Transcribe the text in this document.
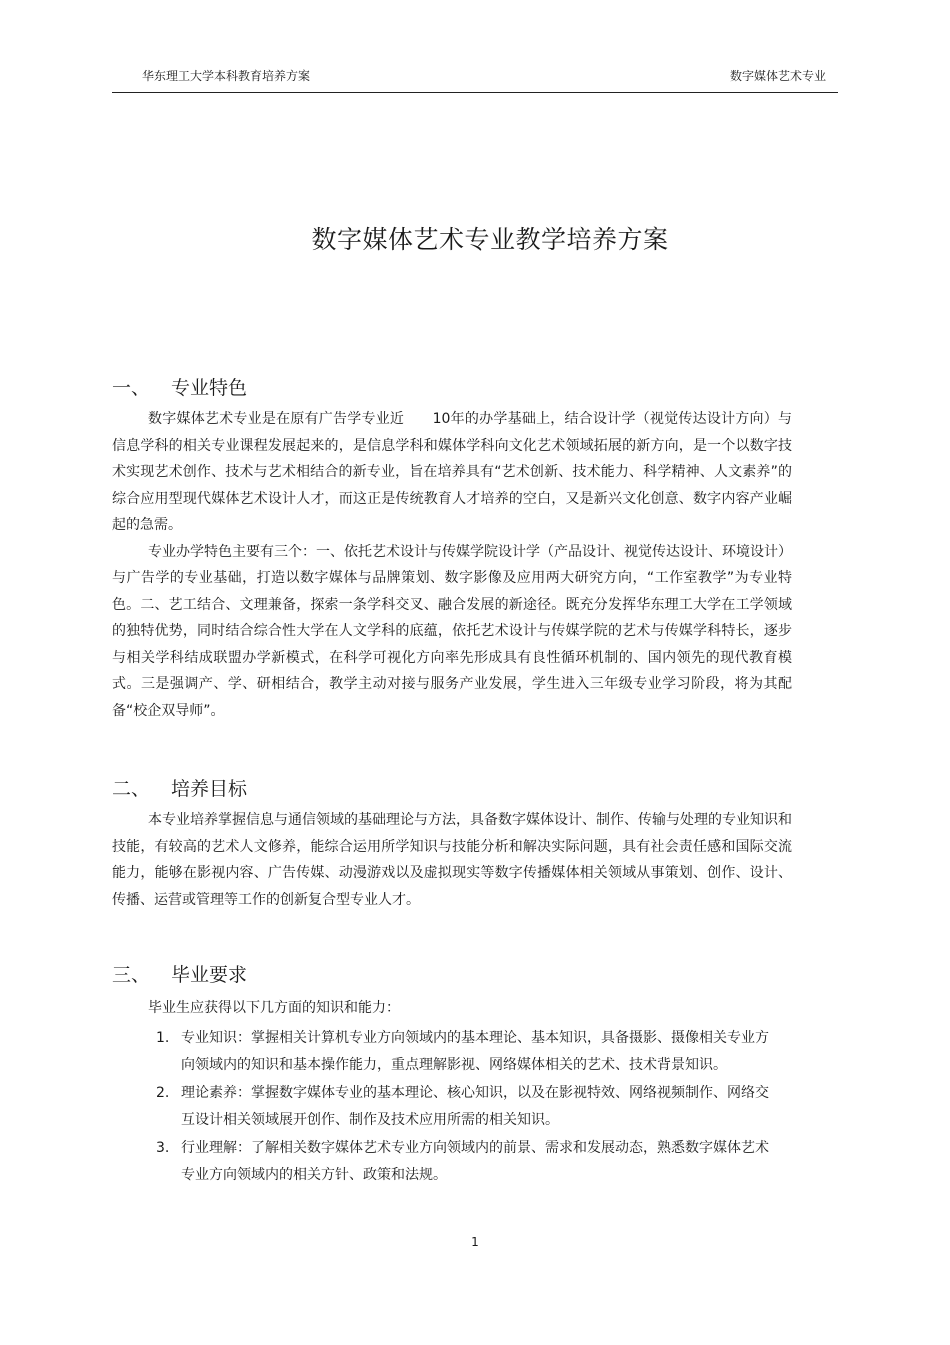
华东理工大学本科教育培养方案	数字媒体艺术专业
数字媒体艺术专业教学培养方案
一、 专业特色

数字媒体艺术专业是在原有广告学专业近　　10年的办学基础上，结合设计学（视觉传达设计方向）与信息学科的相关专业课程发展起来的，是信息学科和媒体学科向文化艺术领域拓展的新方向，是一个以数字技术实现艺术创作、技术与艺术相结合的新专业，旨在培养具有“艺术创新、技术能力、科学精神、人文素养”的综合应用型现代媒体艺术设计人才，而这正是传统教育人才培养的空白，又是新兴文化创意、数字内容产业崛起的急需。

专业办学特色主要有三个：一、依托艺术设计与传媒学院设计学（产品设计、视觉传达设计、环境设计）与广告学的专业基础，打造以数字媒体与品牌策划、数字影像及应用两大研究方向，“工作室教学”为专业特色。二、艺工结合、文理兼备，探索一条学科交叉、融合发展的新途径。既充分发挥华东理工大学在工学领域的独特优势，同时结合综合性大学在人文学科的底蕴，依托艺术设计与传媒学院的艺术与传媒学科特长，逐步与相关学科结成联盟办学新模式，在科学可视化方向率先形成具有良性循环机制的、国内领先的现代教育模式。三是强调产、学、研相结合，教学主动对接与服务产业发展，学生进入三年级专业学习阶段，将为其配备“校企双导师”。

二、 培养目标

本专业培养掌握信息与通信领域的基础理论与方法，具备数字媒体设计、制作、传输与处理的专业知识和技能，有较高的艺术人文修养，能综合运用所学知识与技能分析和解决实际问题，具有社会责任感和国际交流能力，能够在影视内容、广告传媒、动漫游戏以及虚拟现实等数字传播媒体相关领域从事策划、创作、设计、传播、运营或管理等工作的创新复合型专业人才。

三、 毕业要求

毕业生应获得以下几方面的知识和能力：

1. 专业知识：掌握相关计算机专业方向领域内的基本理论、基本知识，具备摄影、摄像相关专业方向领域内的知识和基本操作能力，重点理解影视、网络媒体相关的艺术、技术背景知识。
2. 理论素养：掌握数字媒体专业的基本理论、核心知识，以及在影视特效、网络视频制作、网络交互设计相关领域展开创作、制作及技术应用所需的相关知识。
3. 行业理解：了解相关数字媒体艺术专业方向领域内的前景、需求和发展动态，熟悉数字媒体艺术专业方向领域内的相关方针、政策和法规。
1
